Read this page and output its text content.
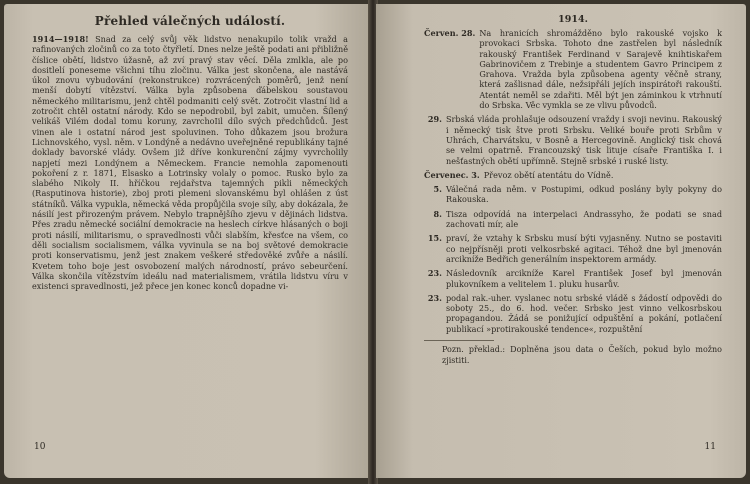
Přehled válečných událostí.

1914—1918! Snad za celý svůj věk lidstvo nenakupilo tolik vražd a rafinovaných zločinů co za toto čtyřletí. Dnes nelze ještě podati ani přibližně číslice obětí, lidstvo úžasně, až zví pravý stav věcí. Děla zmlkla, ale po dositlelí poneseme všichni tíhu zločinu. Válka jest skončena, ale nastává úkol znovu vybudování (rekonstrukce) rozvrácených poměrů, jenž není menší dobytí vítězství. Válka byla způsobena ďábelskou soustavou německého militarismu, jenž chtěl podmaniti celý svět. Zotročit vlastní lid a zotročit chtěl ostatní národy. Kdo se nepodrobil, byl zabit, umučen. Šílený velikáš Vilém dodal tomu koruny, zavrchoIil dílo svých předchůdců. Jest vinen ale i ostatní národ jest spoluvinen. Toho důkazem jsou brožura Lichnovského, vysl. něm. v Londýně a nedávno uveřejněné republikány tajné doklady bavorské vlády. Ovšem již dříve konkurenční zájmy vyvrcholily napjetí mezi Londýnem a Německem. Francie nemohla zapomenouti pokoření z r. 1871, Elsasko a Lotrinsky volaly o pomoc. Rusko bylo za slabého Nikoly II. hříčkou rejdařstva tajemných pikli německých (Rasputinova historie), zboj proti plemeni slovanskému byl ohlášen z úst státníků. Válka vypukla, německá věda propůjčila svoje síly, aby dokázala, že násilí jest přirozeným právem. Nebylo trapnějšího zjevu v dějinách lidstva. Přes zradu německé sociální demokracie na heslech církve hlásaných o boji proti násilí, militarismu, o spravedlnosti vůči slabším, křesťce na všem, co děli socialism socialismem, válka vyvinula se na boj světové demokracie proti konservatismu, jenž jest znakem veškeré středověké zvůře a násilí. Kvetem toho boje jest osvobození malých národností, právo sebeurčení. Válka skončila vítězstvím ideálu nad materialismem, vrátila lidstvu víru v existenci spravedlnosti, jež přece jen konec konců dopadne vi-

10
1914.
Červen. 28. Na hranicích shromážděno bylo rakouské vojsko k provokaci Srbska. Tohoto dne zastřelen byl následník rakouský František Ferdinand v Sarajevě knihtiskařem Gabrinovičem z Trebinje a studentem Gavro Principem z Grahova. Vražda byla způsobena agenty věčně strany, která zašlisnad dále, nežsipřáli jejích inspirátoři rakouští. Atentát neměl se zdařiti. Měl být jen záminkou k vtrhnutí do Srbska. Věc vymkla se ze vlivu původců.
29. Srbská vláda prohlašuje odsouzení vraždy i svoji nevinu. Rakouský i německý tisk štve proti Srbsku. Veliké bouře proti Srbům v Uhrách, Charvátsku, v Bosně a Hercegovině. Anglický tisk chová se velmi opatrně. Francouzský tisk lituje císaře Františka I. i nešťastných obětí upřímně. Stejně srbské i ruské listy.
Červenec. 3. Převoz obětí atentátu do Vídně.
5. Válečná rada něm. v Postupimi, odkud poslány byly pokyny do Rakouska.
8. Tisza odpovídá na interpelaci Andrassyho, že podati se snad zachovati mír, ale
15. praví, že vztahy k Srbsku musí býti vyjasněny. Nutno se postaviti co nejpřísněji proti velkosrbské agitaci. Téhož dne byl jmenován arcikníže Bedřich generálním inspektorem armády.
23. Následovník arcikníže Karel František Josef byl jmenován plukovníkem a velitelem 1. pluku husarův.
23. podal rak.-uher. vyslanec notu srbské vládě s žádostí odpovědi do soboty 25., do 6. hod. večer. Srbsko jest vinno velkosrbskou propagandou. Žádá se ponižující odpuštění a pokání, potlačení publikací »protirakouské tendence«, rozpuštění
Pozn. překlad.: Doplněna jsou data o Češích, pokud bylo možno zjistiti.
11
